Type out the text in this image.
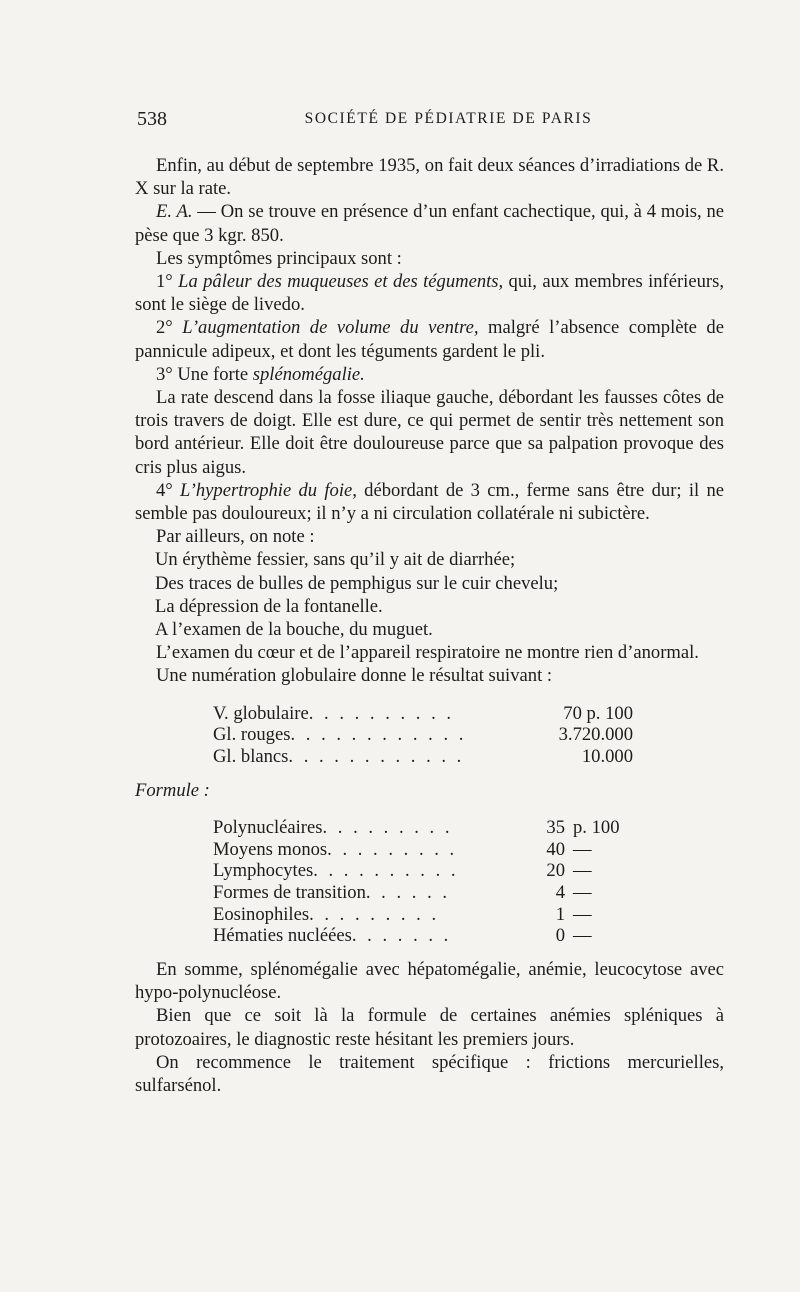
538	SOCIÉTÉ DE PÉDIATRIE DE PARIS

Enfin, au début de septembre 1935, on fait deux séances d’irradiations de R. X sur la rate.

E. A. — On se trouve en présence d’un enfant cachectique, qui, à 4 mois, ne pèse que 3 kgr. 850.

Les symptômes principaux sont :

1° La pâleur des muqueuses et des téguments, qui, aux membres inférieurs, sont le siège de livedo.

2° L’augmentation de volume du ventre, malgré l’absence complète de pannicule adipeux, et dont les téguments gardent le pli.

3° Une forte splénomégalie.

La rate descend dans la fosse iliaque gauche, débordant les fausses côtes de trois travers de doigt. Elle est dure, ce qui permet de sentir très nettement son bord antérieur. Elle doit être douloureuse parce que sa palpation provoque des cris plus aigus.

4° L’hypertrophie du foie, débordant de 3 cm., ferme sans être dur; il ne semble pas douloureux; il n’y a ni circulation collatérale ni subictère.

Par ailleurs, on note :

Un érythème fessier, sans qu’il y ait de diarrhée;

Des traces de bulles de pemphigus sur le cuir chevelu;

La dépression de la fontanelle.

A l’examen de la bouche, du muguet.

L’examen du cœur et de l’appareil respiratoire ne montre rien d’anormal.

Une numération globulaire donne le résultat suivant :

V. globulaire . . . . . . . . . .	70 p. 100
Gl. rouges . . . . . . . . . . . .	3.720.000
Gl. blancs . . . . . . . . . . . .	10.000

Formule :

Polynucléaires . . . . . . . . .	35 p. 100
Moyens monos . . . . . . . . .	40 —
Lymphocytes . . . . . . . . . .	20 —
Formes de transition . . . . . .	4 —
Eosinophiles . . . . . . . . .	1 —
Hématies nucléées . . . . . . .	0 —

En somme, splénomégalie avec hépatomégalie, anémie, leucocytose avec hypo-polynucléose.

Bien que ce soit là la formule de certaines anémies spléniques à protozoaires, le diagnostic reste hésitant les premiers jours.

On recommence le traitement spécifique : frictions mercurielles, sulfarsénol.
